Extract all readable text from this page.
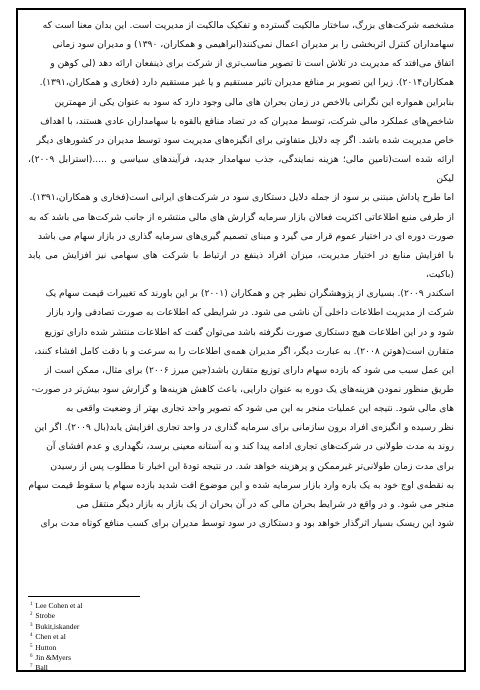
مشخصه شرکت‌های بزرگ، ساختار مالکیت گسترده و تفکیک مالکیت از مدیریت است. این بدان معنا است که

سهامداران کنترل اثربخشی را بر مدیران اعمال نمی‌کنند(ابراهیمی و همکاران، ۱۳۹۰) و مدیران سود زمانی

اتفاق می‌افتد که مدیریت در تلاش است تا تصویر مناسب‌تری از شرکت برای ذینفعان ارائه دهد (لی کوهن و

همکاران۲۰۱۴). زیرا این تصویر بر منافع مدیران تاثیر مستقیم و یا غیر مستقیم دارد (فخاری و همکاران،۱۳۹۱).

بنابراین همواره این نگرانی بالاخص در زمان بحران های مالی وجود دارد که سود به عنوان یکی از مهمترین

شاخص‌های عملکرد مالی شرکت، توسط مدیران که در تضاد منافع بالقوه با سهامداران عادی هستند، با اهداف

خاص مدیریت شده باشد. اگر چه دلایل متفاوتی برای انگیزه‌های مدیریت سود توسط مدیران در کشورهای دیگر

ارائه شده است(تامین مالی؛ هزینه نمایندگی، جذب سهامدار جدید، فرآیندهای سیاسی و .....(استرابل ۲۰۰۹)، لیکن

اما طرح پاداش مبتنی بر سود از جمله دلایل دستکاری سود در شرکت‌های ایرانی است(فخاری و همکاران،۱۳۹۱).

از طرفی منبع اطلاعاتی اکثریت فعالان بازار سرمایه گزارش های مالی منتشره از جانب شرکت‌ها می باشد که به

صورت دوره ای در اختیار عموم قرار می گیرد و مبنای تصمیم گیری‌های سرمایه گذاری در بازار سهام می باشد

با افزایش منابع در اختیار مدیریت، میزان افراد ذینفع در ارتباط با شرکت های سهامی نیز افزایش می یابد (باکیت،

اسکندر ۲۰۰۹). بسیاری از پژوهشگران نظیر چن و همکاران (۲۰۰۱) بر این باورند که تغییرات قیمت سهام یک

شرکت از مدیریت اطلاعات داخلی آن ناشی می شود. در شرایطی که اطلاعات به صورت تصادفی وارد بازار

شود و در این اطلاعات هیچ دستکاری صورت نگرفته باشد می‌توان گفت که اطلاعات منتشر شده دارای توزیع

متقارن است(هوتن ۲۰۰۸). به عبارت دیگر، اگر مدیران همه‌ی اطلاعات را به سرعت و با دقت کامل افشاء کنند،

این عمل سبب می شود که بازده سهام دارای توزیع متقارن باشد(جین میرز ۲۰۰۶) برای مثال، ممکن است از

طریق منظور نمودن هزینه‌های یک دوره به عنوان دارایی، باعث کاهش هزینه‌ها و گزارش سود بیش‌تر در صورت-

های مالی شود. نتیجه این عملیات منجر به این می شود که تصویر واحد تجاری بهتر از وضعیت واقعی به

نظر رسیده و انگیزه‌ی افراد برون سازمانی برای سرمایه گذاری در واحد تجاری افزایش یابد(بال ۲۰۰۹). اگر این

روند به مدت طولانی در شرکت‌های تجاری ادامه پیدا کند و به آستانه معینی برسد، نگهداری و عدم افشای آن

برای مدت زمان طولانی‌تر غیرممکن و پرهزینه خواهد شد. در نتیجه تودهٔ این اخبار نا مطلوب پس از رسیدن

به نقطه‌ی اوج خود به یک باره وارد بازار سرمایه شده و این موضوع افت شدید بازده سهام یا سقوط قیمت سهام

منجر می شود. و در واقع در شرایط بحران مالی که در آن بحران از یک بازار به بازار دیگر منتقل می

شود این ریسک بسیار اثرگذار خواهد بود و دستکاری در سود توسط مدیران برای کسب منافع کوتاه مدت برای

$^1$ Lee Cohen et al
$^2$ Strobe
$^3$ Bukit,iskander
$^4$ Chen et al
$^5$ Hutton
$^6$ Jin &Myers
$^7$ Ball
